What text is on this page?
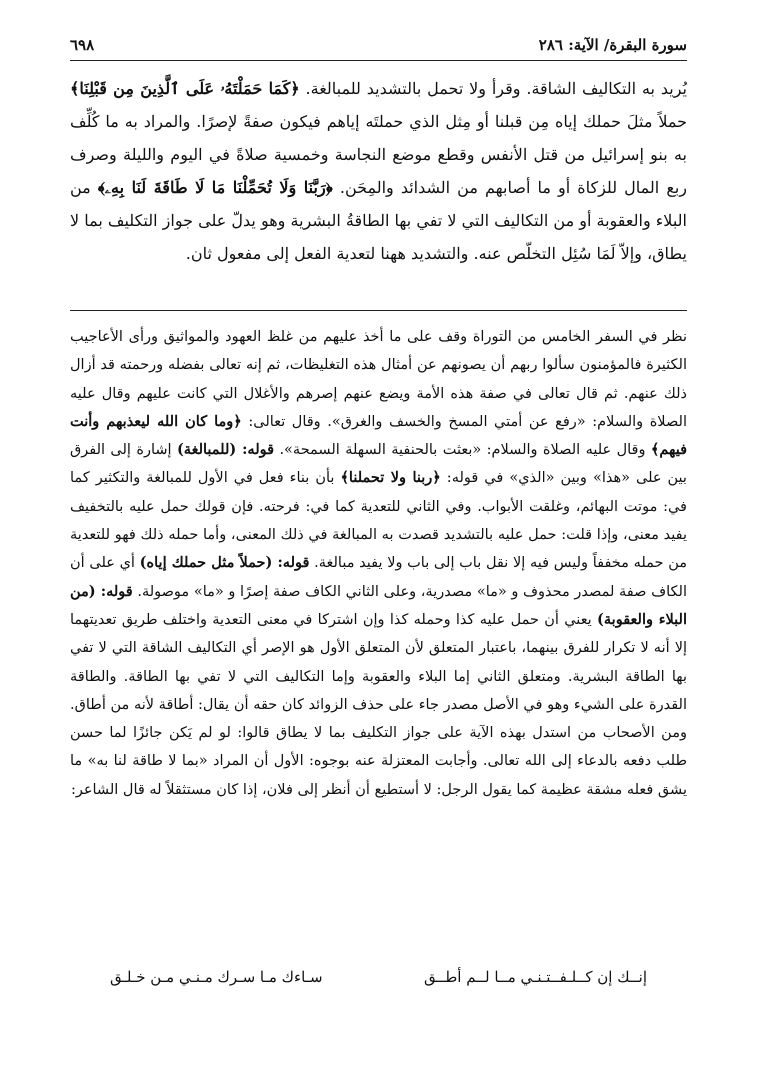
سورة البقرة/ الآية: ٢٨٦
٦٩٨

يُريد به التكاليف الشاقة. وقرأ ولا تحمل بالتشديد للمبالغة. ﴿كَمَا حَمَلْتَهُۥ عَلَى ٱلَّذِينَ مِن قَبْلِنَا﴾ حملاً مثلَ حملك إياه مِن قبلنا أو مِثل الذي حملتَه إياهم فيكون صفةً لإصرًا. والمراد به ما كُلِّف به بنو إسرائيل من قتل الأنفس وقطع موضع النجاسة وخمسية صلاةً في اليوم والليلة وصرف ربع المال للزكاة أو ما أصابهم من الشدائد والمِحَن. ﴿رَبَّنَا وَلَا تُحَمِّلْنَا مَا لَا طَاقَةَ لَنَا بِهِۦ﴾ من البلاء والعقوبة أو من التكاليف التي لا تفي بها الطاقةُ البشرية وهو يدلّ على جواز التكليف بما لا يطاق، وإلاّ لَمَا سُئِل التخلّص عنه. والتشديد ههنا لتعدية الفعل إلى مفعول ثان.

نظر في السفر الخامس من التوراة وقف على ما أخذ عليهم من غلظ العهود والمواثيق ورأى الأعاجيب الكثيرة فالمؤمنون سألوا ربهم أن يصونهم عن أمثال هذه التغليظات، ثم إنه تعالى بفضله ورحمته قد أزال ذلك عنهم. ثم قال تعالى في صفة هذه الأمة ويضع عنهم إصرهم والأغلال التي كانت عليهم وقال عليه الصلاة والسلام: «رفع عن أمتي المسخ والخسف والغرق». وقال تعالى: ﴿وما كان الله ليعذبهم وأنت فيهم﴾ وقال عليه الصلاة والسلام: «بعثت بالحنفية السهلة السمحة». قوله: (للمبالغة) إشارة إلى الفرق بين على «هذا» وبين «الذي» في قوله: ﴿ربنا ولا تحملنا﴾ بأن بناء فعل في الأول للمبالغة والتكثير كما في: موتت البهائم، وغلقت الأبواب. وفي الثاني للتعدية كما في: فرحته. فإن قولك حمل عليه بالتخفيف يفيد معنى، وإذا قلت: حمل عليه بالتشديد قصدت به المبالغة في ذلك المعنى، وأما حمله ذلك فهو للتعدية من حمله مخففاً وليس فيه إلا نقل باب إلى باب ولا يفيد مبالغة. قوله: (حملاً مثل حملك إياه) أي على أن الكاف صفة لمصدر محذوف و «ما» مصدرية، وعلى الثاني الكاف صفة إصرًا و «ما» موصولة. قوله: (من البلاء والعقوبة) يعني أن حمل عليه كذا وحمله كذا وإن اشتركا في معنى التعدية واختلف طريق تعديتهما إلا أنه لا تكرار للفرق بينهما، باعتبار المتعلق لأن المتعلق الأول هو الإصر أي التكاليف الشاقة التي لا تفي بها الطاقة البشرية. ومتعلق الثاني إما البلاء والعقوبة وإما التكاليف التي لا تفي بها الطاقة. والطاقة القدرة على الشيء وهو في الأصل مصدر جاء على حذف الزوائد كان حقه أن يقال: أطاقة لأنه من أطاق. ومن الأصحاب من استدل بهذه الآية على جواز التكليف بما لا يطاق قالوا: لو لم يَكن جائزًا لما حسن طلب دفعه بالدعاء إلى الله تعالى. وأجابت المعتزلة عنه بوجوه: الأول أن المراد «بما لا طاقة لنا به» ما يشق فعله مشقة عظيمة كما يقول الرجل: لا أستطيع أن أنظر إلى فلان، إذا كان مستثقلاً له قال الشاعر:

إنــك إن كــلـفــتـنـي مــا لــم أطــق
سـاءك مـا سـرك مـنـي مـن خـلـق
